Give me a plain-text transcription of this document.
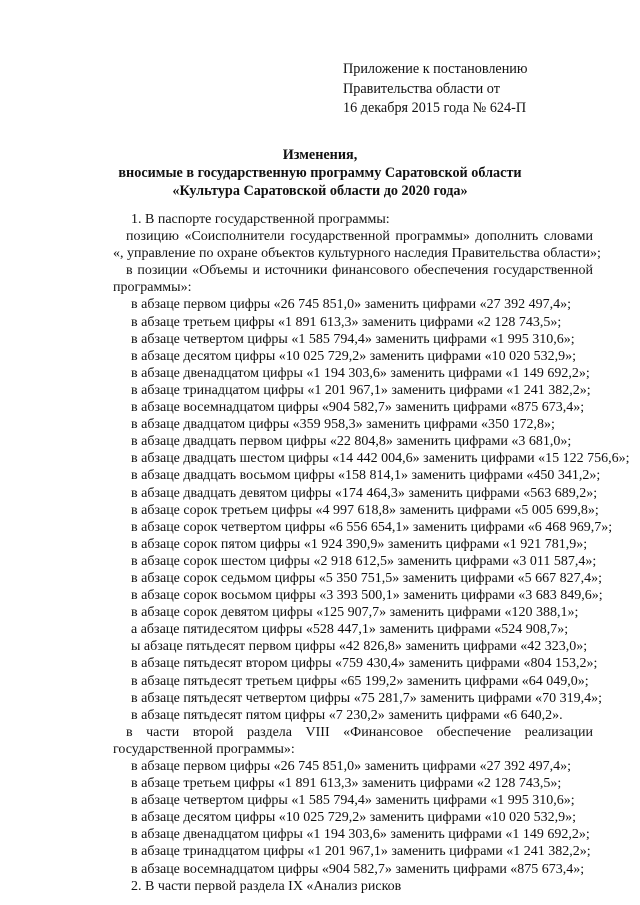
Приложение к постановлению
Правительства области от
16 декабря 2015 года № 624-П
Изменения,
вносимые в государственную программу Саратовской области
«Культура Саратовской области до 2020 года»
1. В паспорте государственной программы:
позицию «Соисполнители государственной программы» дополнить словами
«, управление по охране объектов культурного наследия Правительства области»;
в позиции «Объемы и источники финансового обеспечения государственной
программы»:
в абзаце первом цифры «26 745 851,0» заменить цифрами «27 392 497,4»;
в абзаце третьем цифры «1 891 613,3» заменить цифрами «2 128 743,5»;
в абзаце четвертом цифры «1 585 794,4» заменить цифрами «1 995 310,6»;
в абзаце десятом цифры «10 025 729,2» заменить цифрами «10 020 532,9»;
в абзаце двенадцатом цифры «1 194 303,6» заменить цифрами «1 149 692,2»;
в абзаце тринадцатом цифры «1 201 967,1» заменить цифрами «1 241 382,2»;
в абзаце восемнадцатом цифры «904 582,7» заменить цифрами «875 673,4»;
в абзаце двадцатом цифры «359 958,3» заменить цифрами «350 172,8»;
в абзаце двадцать первом цифры «22 804,8» заменить цифрами «3 681,0»;
в абзаце двадцать шестом цифры «14 442 004,6» заменить цифрами «15 122 756,6»;
в абзаце двадцать восьмом цифры «158 814,1» заменить цифрами «450 341,2»;
в абзаце двадцать девятом цифры «174 464,3» заменить цифрами «563 689,2»;
в абзаце сорок третьем цифры «4 997 618,8» заменить цифрами «5 005 699,8»;
в абзаце сорок четвертом цифры «6 556 654,1» заменить цифрами «6 468 969,7»;
в абзаце сорок пятом цифры «1 924 390,9» заменить цифрами «1 921 781,9»;
в абзаце сорок шестом цифры «2 918 612,5» заменить цифрами «3 011 587,4»;
в абзаце сорок седьмом цифры «5 350 751,5» заменить цифрами «5 667 827,4»;
в абзаце сорок восьмом цифры «3 393 500,1» заменить цифрами «3 683 849,6»;
в абзаце сорок девятом цифры «125 907,7» заменить цифрами «120 388,1»;
а абзаце пятидесятом цифры «528 447,1» заменить цифрами «524 908,7»;
ы абзаце пятьдесят первом цифры «42 826,8» заменить цифрами «42 323,0»;
в абзаце пятьдесят втором цифры «759 430,4» заменить цифрами «804 153,2»;
в абзаце пятьдесят третьем цифры «65 199,2» заменить цифрами «64 049,0»;
в абзаце пятьдесят четвертом цифры «75 281,7» заменить цифрами «70 319,4»;
в абзаце пятьдесят пятом цифры «7 230,2» заменить цифрами «6 640,2».
в части второй раздела VIII «Финансовое обеспечение реализации
государственной программы»:
в абзаце первом цифры «26 745 851,0» заменить цифрами «27 392 497,4»;
в абзаце третьем цифры «1 891 613,3» заменить цифрами «2 128 743,5»;
в абзаце четвертом цифры «1 585 794,4» заменить цифрами «1 995 310,6»;
в абзаце десятом цифры «10 025 729,2» заменить цифрами «10 020 532,9»;
в абзаце двенадцатом цифры «1 194 303,6» заменить цифрами «1 149 692,2»;
в абзаце тринадцатом цифры «1 201 967,1» заменить цифрами «1 241 382,2»;
в абзаце восемнадцатом цифры «904 582,7» заменить цифрами «875 673,4»;
2. В части первой раздела IX «Анализ рисков
